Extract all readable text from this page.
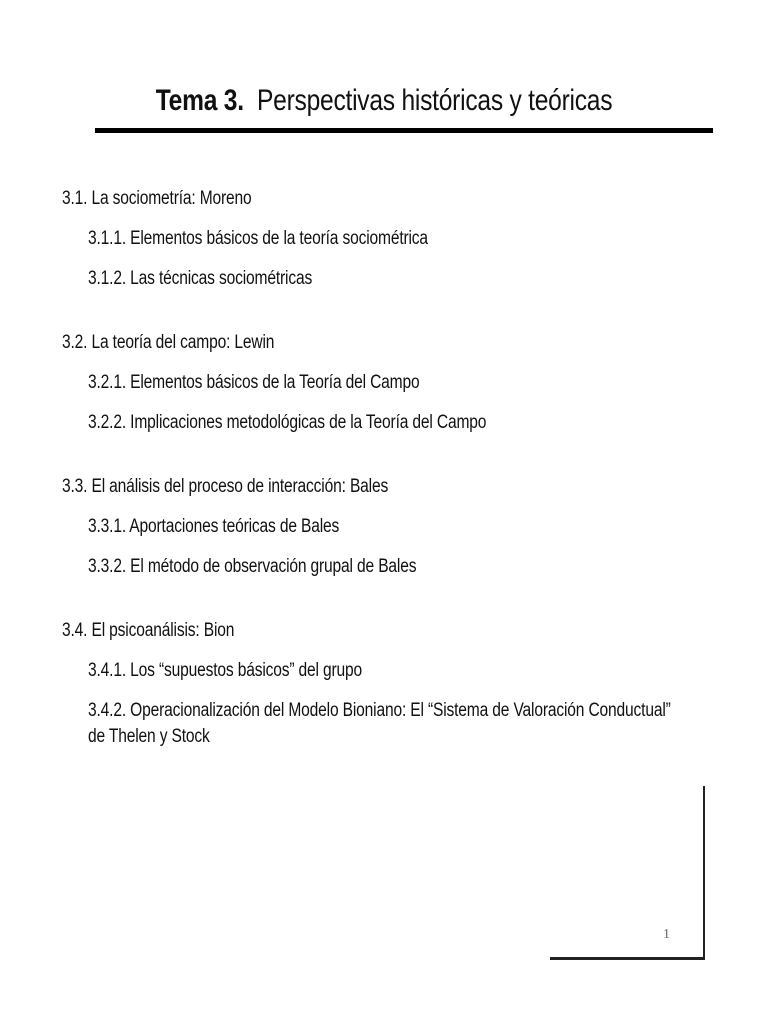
Tema 3. Perspectivas históricas y teóricas
3.1. La sociometría: Moreno
3.1.1. Elementos básicos de la teoría sociométrica
3.1.2. Las técnicas sociométricas
3.2. La teoría del campo: Lewin
3.2.1. Elementos básicos de la Teoría del Campo
3.2.2. Implicaciones metodológicas de la Teoría del Campo
3.3. El análisis del proceso de interacción: Bales
3.3.1. Aportaciones teóricas de Bales
3.3.2. El método de observación grupal de Bales
3.4. El psicoanálisis: Bion
3.4.1. Los “supuestos básicos” del grupo
3.4.2. Operacionalización del Modelo Bioniano: El “Sistema de Valoración Conductual” de Thelen y Stock
1
